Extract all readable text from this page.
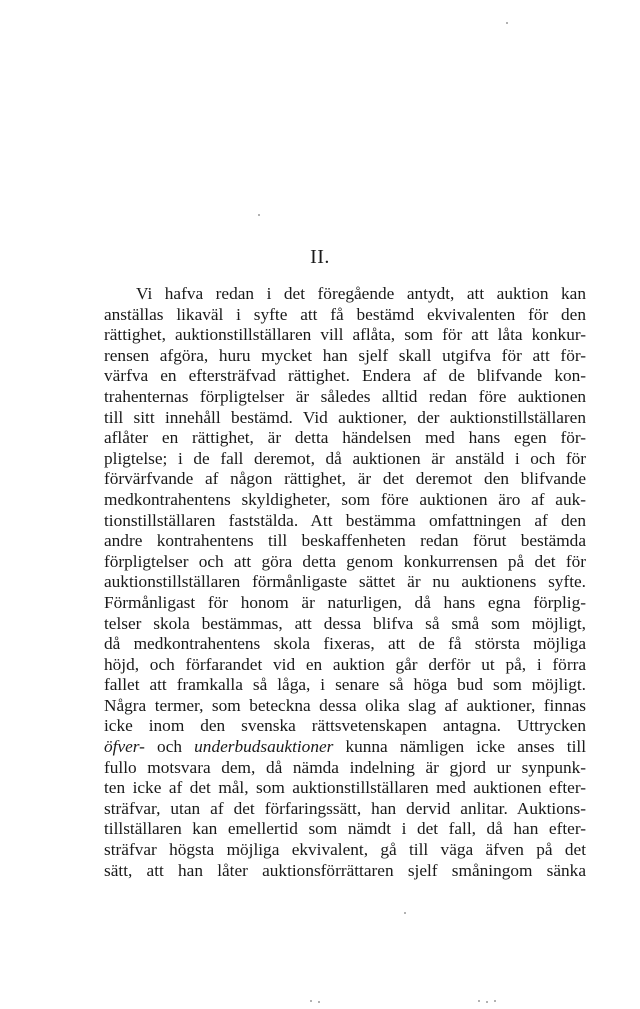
II.
Vi hafva redan i det föregående antydt, att auktion kan
anställas likaväl i syfte att få bestämd ekvivalenten för den
rättighet, auktionstillställaren vill aflåta, som för att låta konkur-
rensen afgöra, huru mycket han sjelf skall utgifva för att för-
värfva en eftersträfvad rättighet. Endera af de blifvande kon-
trahenternas förpligtelser är således alltid redan före auktionen
till sitt innehåll bestämd. Vid auktioner, der auktionstillställaren
aflåter en rättighet, är detta händelsen med hans egen för-
pligtelse; i de fall deremot, då auktionen är anstäld i och för
förvärfvande af någon rättighet, är det deremot den blifvande
medkontrahentens skyldigheter, som före auktionen äro af auk-
tionstillställaren faststälda. Att bestämma omfattningen af den
andre kontrahentens till beskaffenheten redan förut bestämda
förpligtelser och att göra detta genom konkurrensen på det för
auktionstillställaren förmånligaste sättet är nu auktionens syfte.
Förmånligast för honom är naturligen, då hans egna förplig-
telser skola bestämmas, att dessa blifva så små som möjligt,
då medkontrahentens skola fixeras, att de få största möjliga
höjd, och förfarandet vid en auktion går derför ut på, i förra
fallet att framkalla så låga, i senare så höga bud som möjligt.
Några termer, som beteckna dessa olika slag af auktioner, finnas
icke inom den svenska rättsvetenskapen antagna. Uttrycken
öfver- och underbudsauktioner kunna nämligen icke anses till
fullo motsvara dem, då nämda indelning är gjord ur synpunk-
ten icke af det mål, som auktionstillställaren med auktionen efter-
sträfvar, utan af det förfaringssätt, han dervid anlitar. Auktions-
tillställaren kan emellertid som nämdt i det fall, då han efter-
sträfvar högsta möjliga ekvivalent, gå till väga äfven på det
sätt, att han låter auktionsförrättaren sjelf småningom sänka
